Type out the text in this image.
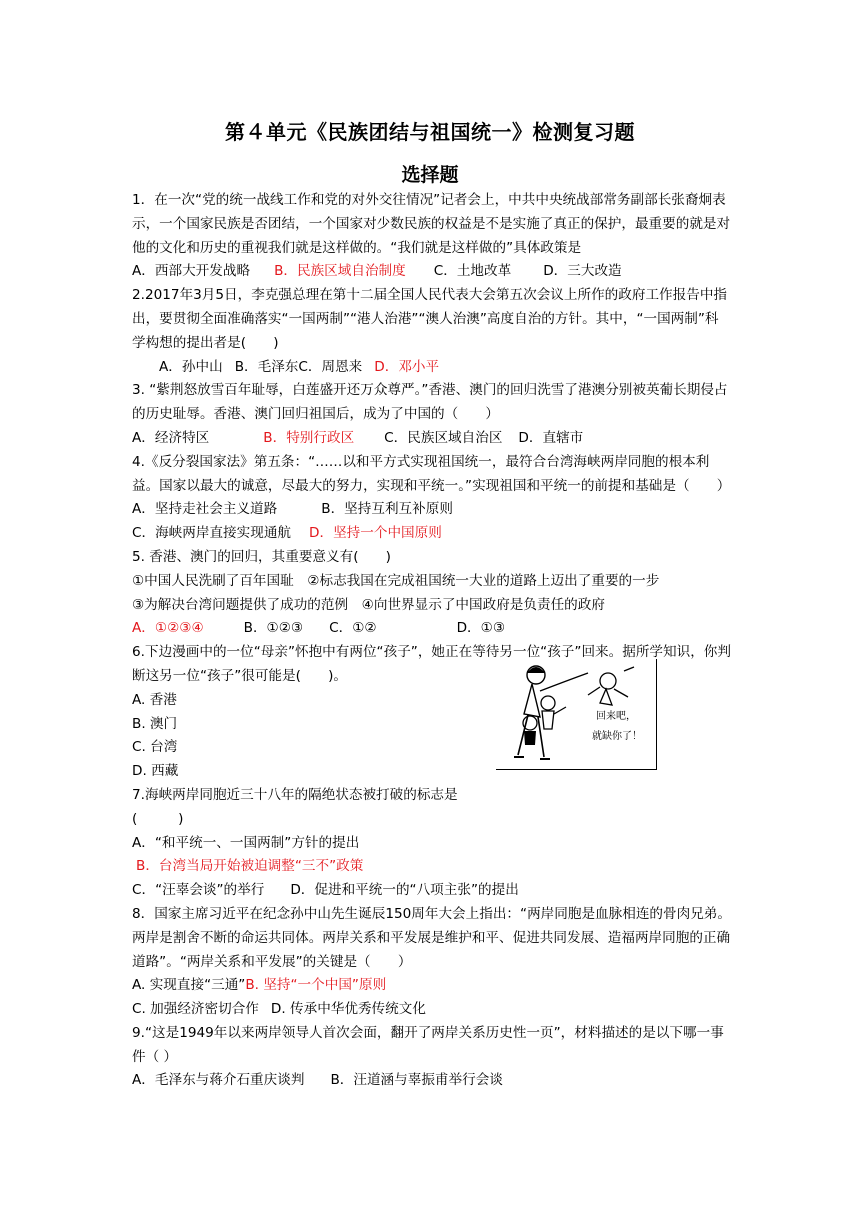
第４单元《民族团结与祖国统一》检测复习题
选择题

1．在一次“党的统一战线工作和党的对外交往情况”记者会上，中共中央统战部常务副部长张裔炯表示，一个国家民族是否团结，一个国家对少数民族的权益是不是实施了真正的保护，最重要的就是对他的文化和历史的重视我们就是这样做的。“我们就是这样做的”具体政策是

A．西部大开发战略 B．民族区域自治制度 C．土地改革 D．三大改造

2.2017年3月5日，李克强总理在第十二届全国人民代表大会第五次会议上所作的政府工作报告中指出，要贯彻全面准确落实“一国两制”“港人治港”“澳人治澳”高度自治的方针。其中，“一国两制”科学构想的提出者是(　　)

A．孙中山 B．毛泽东C．周恩来 D．邓小平

3. “紫荆怒放雪百年耻辱，白莲盛开还万众尊严。”香港、澳门的回归洗雪了港澳分别被英葡长期侵占的历史耻辱。香港、澳门回归祖国后，成为了中国的（　　）

A．经济特区	B．特别行政区 C．民族区域自治区 D．直辖市

4.《反分裂国家法》第五条：“……以和平方式实现祖国统一，最符合台湾海峡两岸同胞的根本利益。国家以最大的诚意，尽最大的努力，实现和平统一。”实现祖国和平统一的前提和基础是（　　）

A．坚持走社会主义道路	B．坚持互利互补原则

C．海峡两岸直接实现通航 D．坚持一个中国原则

5. 香港、澳门的回归，其重要意义有(　　)

①中国人民洗刷了百年国耻　②标志我国在完成祖国统一大业的道路上迈出了重要的一步

③为解决台湾问题提供了成功的范例　④向世界显示了中国政府是负责任的政府

A．①②③④	B．①②③ C．①②	D．①③

6.下边漫画中的一位“母亲”怀抱中有两位“孩子”，她正在等待另一位“孩子”回来。据所学知识，你判断这另一位“孩子”很可能是(　　)。

A. 香港

B. 澳门

C. 台湾

D. 西藏

回来吧，
就缺你了！

7.海峡两岸同胞近三十八年的隔绝状态被打破的标志是(　　　)

A．“和平统一、一国两制”方针的提出

B．台湾当局开始被迫调整“三不”政策

C．“汪辜会谈”的举行 D．促进和平统一的“八项主张”的提出

8．国家主席习近平在纪念孙中山先生诞辰150周年大会上指出：“两岸同胞是血脉相连的骨肉兄弟。两岸是割舍不断的命运共同体。两岸关系和平发展是维护和平、促进共同发展、造福两岸同胞的正确道路”。“两岸关系和平发展”的关键是（　　）

A. 实现直接“三通”B. 坚持“一个中国”原则

C. 加强经济密切合作 D. 传承中华优秀传统文化

9.“这是1949年以来两岸领导人首次会面，翻开了两岸关系历史性一页”，材料描述的是以下哪一事件（ ）

A．毛泽东与蒋介石重庆谈判 B．汪道涵与辜振甫举行会谈
